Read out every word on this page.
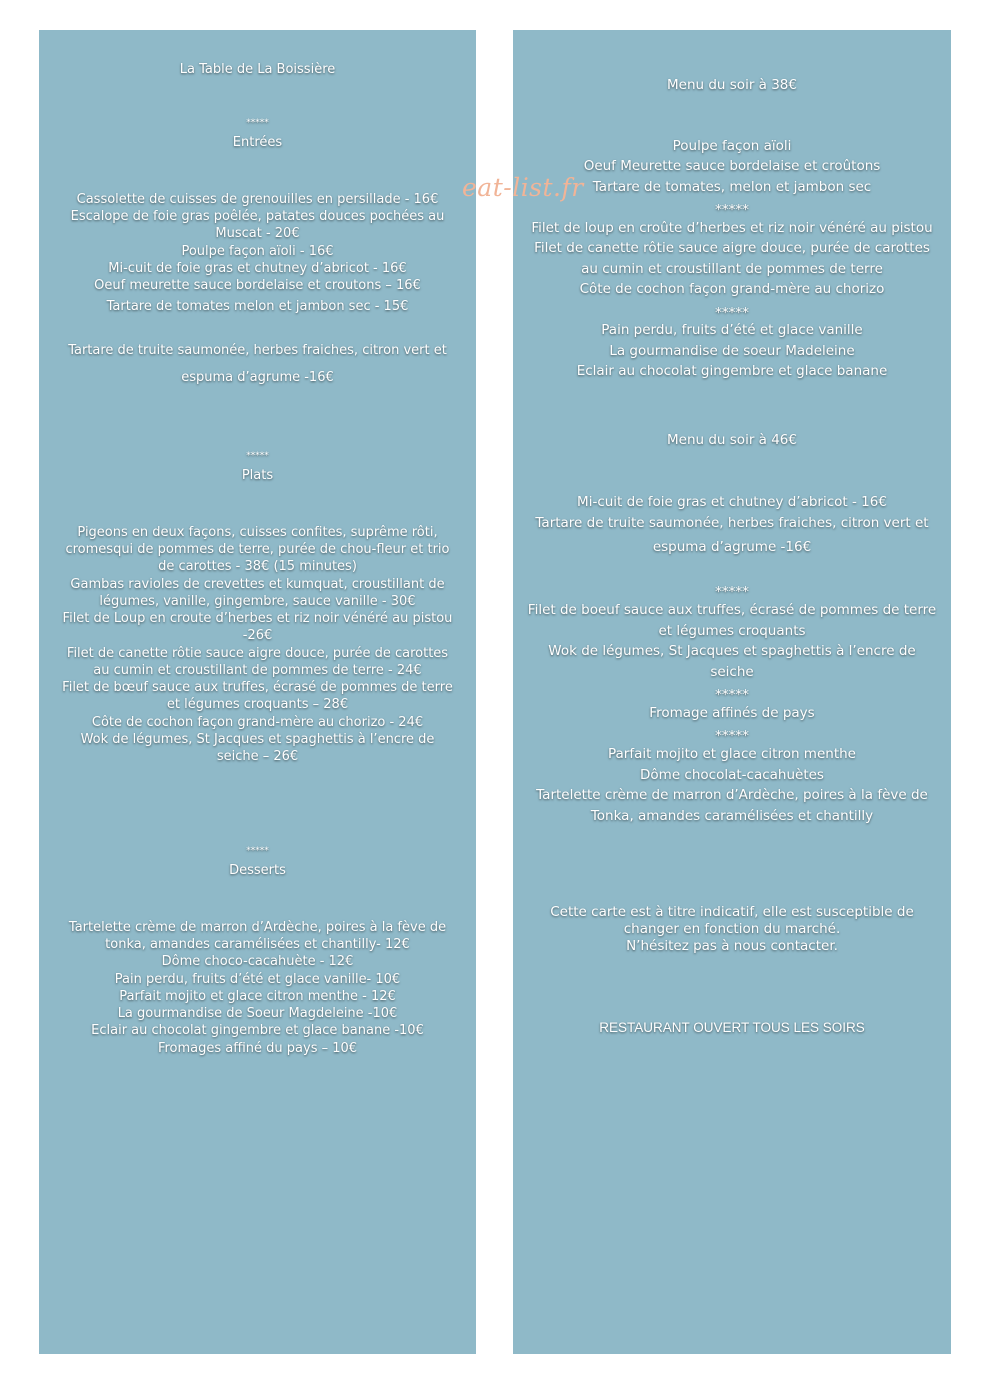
La Table de La Boissière
*****
Entrées
Cassolette de cuisses de grenouilles en persillade - 16€
Escalope de foie gras poêlée, patates douces pochées au
Muscat - 20€
Poulpe façon aïoli - 16€
Mi-cuit de foie gras et chutney d’abricot - 16€
Oeuf meurette sauce bordelaise et croutons – 16€
Tartare de tomates melon et jambon sec - 15€
Tartare de truite saumonée, herbes fraiches, citron vert et
espuma d’agrume -16€
*****
Plats
Pigeons en deux façons, cuisses confites, suprême rôti,
cromesqui de pommes de terre, purée de chou-fleur et trio
de carottes - 38€ (15 minutes)
Gambas ravioles de crevettes et kumquat, croustillant de
légumes, vanille, gingembre, sauce vanille - 30€
Filet de Loup en croute d’herbes et riz noir vénéré au pistou
-26€
Filet de canette rôtie sauce aigre douce, purée de carottes
au cumin et croustillant de pommes de terre - 24€
Filet de bœuf sauce aux truffes, écrasé de pommes de terre
et légumes croquants – 28€
Côte de cochon façon grand-mère au chorizo - 24€
Wok de légumes, St Jacques et spaghettis à l’encre de
seiche – 26€
*****
Desserts
Tartelette crème de marron d’Ardèche, poires à la fève de
tonka, amandes caramélisées et chantilly- 12€
Dôme choco-cacahuète - 12€
Pain perdu, fruits d’été et glace vanille- 10€
Parfait mojito et glace citron menthe - 12€
La gourmandise de Soeur Magdeleine -10€
Eclair au chocolat gingembre et glace banane -10€
Fromages affiné du pays – 10€
Menu du soir à 38€
Poulpe façon aïoli
Oeuf Meurette sauce bordelaise et croûtons
Tartare de tomates, melon et jambon sec
*****
Filet de loup en croûte d’herbes et riz noir vénéré au pistou
Filet de canette rôtie sauce aigre douce, purée de carottes
au cumin et croustillant de pommes de terre
Côte de cochon façon grand-mère au chorizo
*****
Pain perdu, fruits d’été et glace vanille
La gourmandise de soeur Madeleine
Eclair au chocolat gingembre et glace banane
Menu du soir à 46€
Mi-cuit de foie gras et chutney d’abricot - 16€
Tartare de truite saumonée, herbes fraiches, citron vert et
espuma d’agrume -16€
*****
Filet de boeuf sauce aux truffes, écrasé de pommes de terre
et légumes croquants
Wok de légumes, St Jacques et spaghettis à l’encre de
seiche
*****
Fromage affinés de pays
*****
Parfait mojito et glace citron menthe
Dôme chocolat-cacahuètes
Tartelette crème de marron d’Ardèche, poires à la fève de
Tonka, amandes caramélisées et chantilly
Cette carte est à titre indicatif, elle est susceptible de
changer en fonction du marché.
N’hésitez pas à nous contacter.
RESTAURANT OUVERT TOUS LES SOIRS
eat-list.fr
